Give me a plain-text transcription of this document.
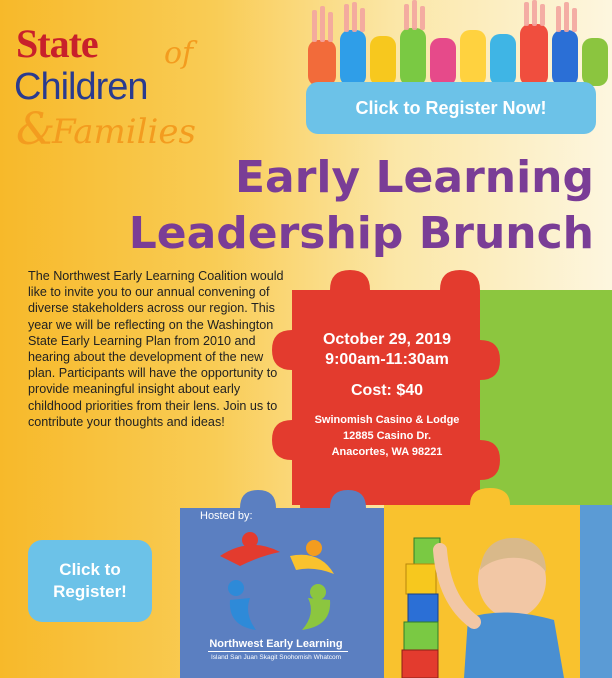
State of
Children
&
Families
Click to Register Now!
Early Learning
Leadership Brunch
The Northwest Early Learning Coalition would like to invite you to our annual convening of diverse stakeholders across our region. This year we will be reflecting on the Washington State Early Learning Plan from 2010 and hearing about the development of the new plan. Participants will have the opportunity to provide meaningful insight about early childhood priorities from their lens. Join us to contribute your thoughts and ideas!
October 29, 2019
9:00am-11:30am
Cost: $40
Swinomish Casino & Lodge
12885 Casino Dr.
Anacortes, WA 98221
Hosted by:
Northwest Early Learning
Island San Juan Skagit Snohomish Whatcom
Click to
Register!
